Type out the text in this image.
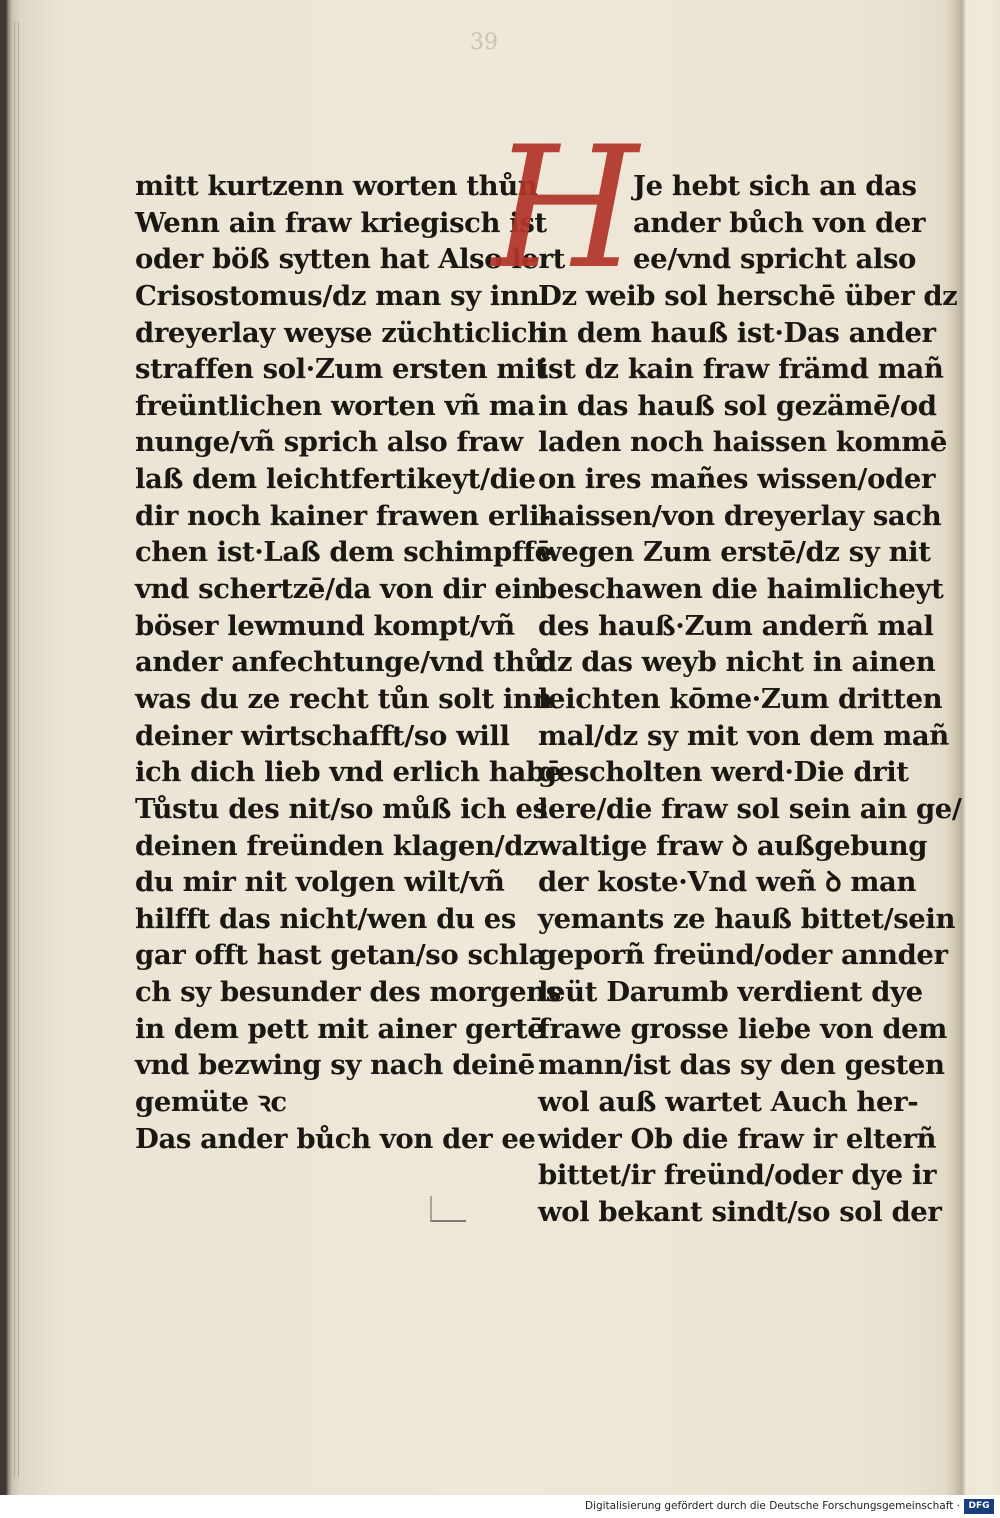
39
mitt kurtzenn worten thůn
Wenn ain fraw kriegisch ist
oder böß sytten hat Also lert
Crisostomus/dz man sy inn
dreyerlay weyse züchticlich
straffen sol·Zum ersten mit
freüntlichen worten vñ ma
nunge/vñ sprich also fraw
laß dem leichtfertikeyt/die
dir noch kainer frawen erli-
chen ist·Laß dem schimpffē
vnd schertzē/da von dir ein
böser lewmund kompt/vñ
ander anfechtunge/vnd thů
was du ze recht tůn solt inn
deiner wirtschafft/so will
ich dich lieb vnd erlich habē
Tůstu des nit/so můß ich es
deinen freünden klagen/dz
du mir nit volgen wilt/vñ
hilfft das nicht/wen du es
gar offt hast getan/so schla
ch sy besunder des morgens
in dem pett mit ainer gertē
vnd bezwing sy nach deinē
gemüte ꝛc
Das ander bůch von der ee
H
Je hebt sich an das
ander bůch von der
ee/vnd spricht also
Dz weib sol herschē über dz
in dem hauß ist·Das ander
ist dz kain fraw främd mañ
in das hauß sol gezämē/od
laden noch haissen kommē
on ires mañes wissen/oder
haissen/von dreyerlay sach
wegen Zum erstē/dz sy nit
beschawen die haimlicheyt
des hauß·Zum anderñ mal
dz das weyb nicht in ainen
leichten kōme·Zum dritten
mal/dz sy mit von dem mañ
gescholten werd·Die drit
lere/die fraw sol sein ain ge/
waltige fraw ꝺ außgebung
der koste·Vnd weñ ꝺ man
yemants ze hauß bittet/sein
geporñ freünd/oder annder
leüt Darumb verdient dye
frawe grosse liebe von dem
mann/ist das sy den gesten
wol auß wartet Auch her-
wider Ob die fraw ir elterñ
bittet/ir freünd/oder dye ir
wol bekant sindt/so sol der
Digitalisierung gefördert durch die Deutsche Forschungsgemeinschaft · DFG
